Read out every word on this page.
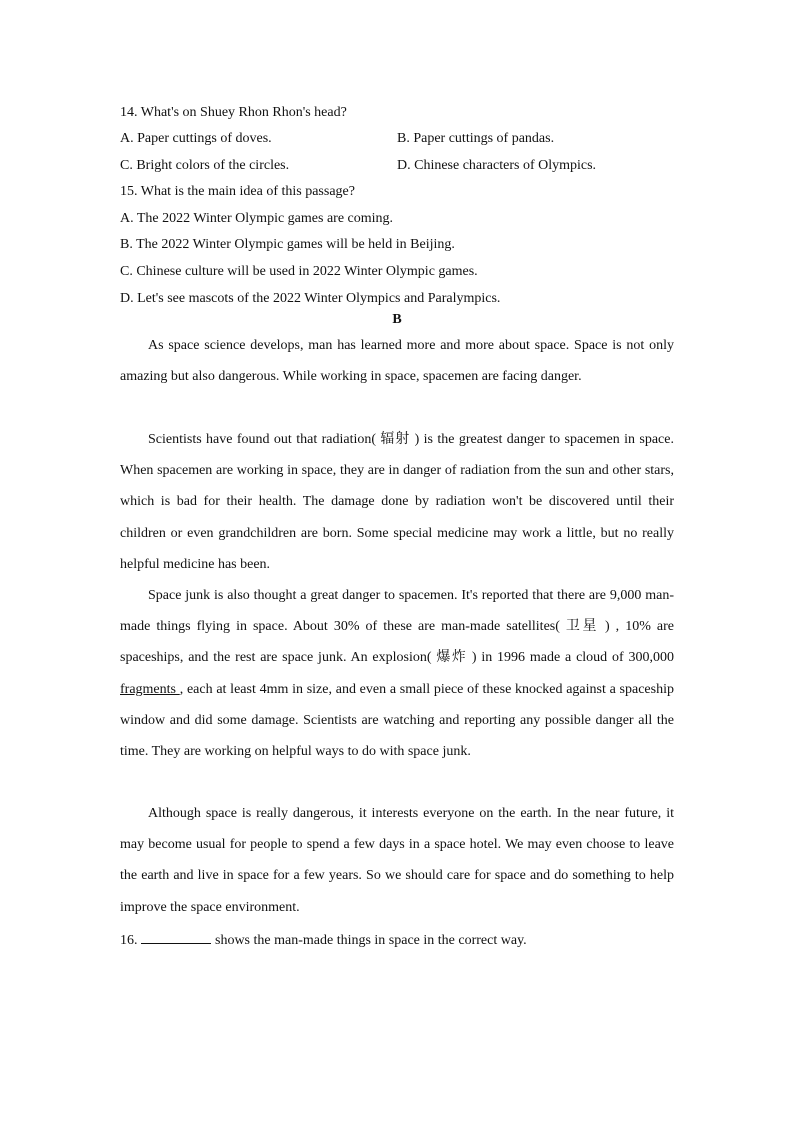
14. What's on Shuey Rhon Rhon's head?
A. Paper cuttings of doves.	B. Paper cuttings of pandas.
C. Bright colors of the circles.	D. Chinese characters of Olympics.
15. What is the main idea of this passage?
A. The 2022 Winter Olympic games are coming.
B. The 2022 Winter Olympic games will be held in Beijing.
C. Chinese culture will be used in 2022 Winter Olympic games.
D. Let's see mascots of the 2022 Winter Olympics and Paralympics.
B
As space science develops, man has learned more and more about space. Space is not only amazing but also dangerous. While working in space, spacemen are facing danger.
Scientists have found out that radiation( 辐射 ) is the greatest danger to spacemen in space. When spacemen are working in space, they are in danger of radiation from the sun and other stars, which is bad for their health. The damage done by radiation won't be discovered until their children or even grandchildren are born. Some special medicine may work a little, but no really helpful medicine has been.
Space junk is also thought a great danger to spacemen. It's reported that there are 9,000 man-made things flying in space. About 30% of these are man-made satellites( 卫星 ) , 10% are spaceships, and the rest are space junk. An explosion( 爆炸 ) in 1996 made a cloud of 300,000 fragments , each at least 4mm in size, and even a small piece of these knocked against a spaceship window and did some damage. Scientists are watching and reporting any possible danger all the time. They are working on helpful ways to do with space junk.
Although space is really dangerous, it interests everyone on the earth. In the near future, it may become usual for people to spend a few days in a space hotel. We may even choose to leave the earth and live in space for a few years. So we should care for space and do something to help improve the space environment.
16.	shows the man-made things in space in the correct way.
